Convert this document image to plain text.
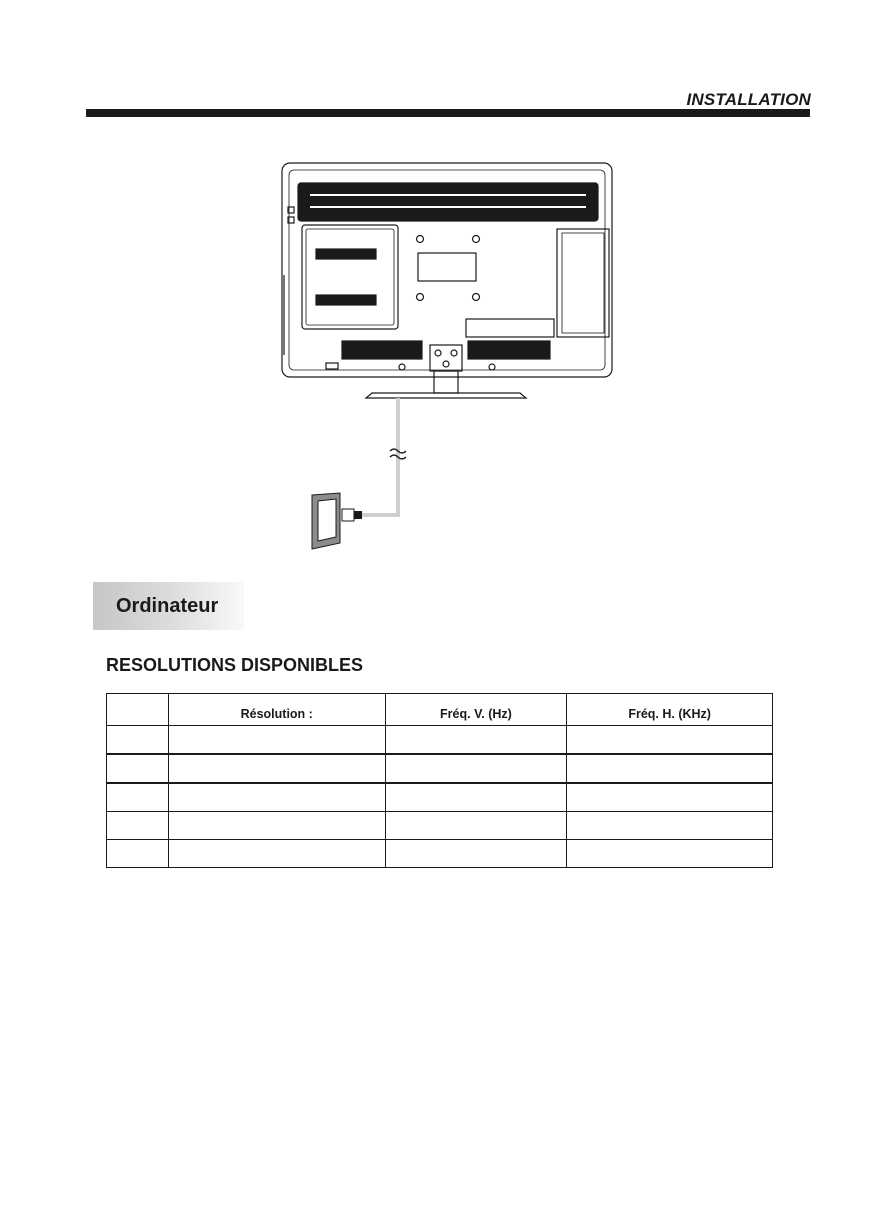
INSTALLATION
Ordinateur
RESOLUTIONS DISPONIBLES
	Résolution :	Fréq. V. (Hz)	Fréq. H. (KHz)
